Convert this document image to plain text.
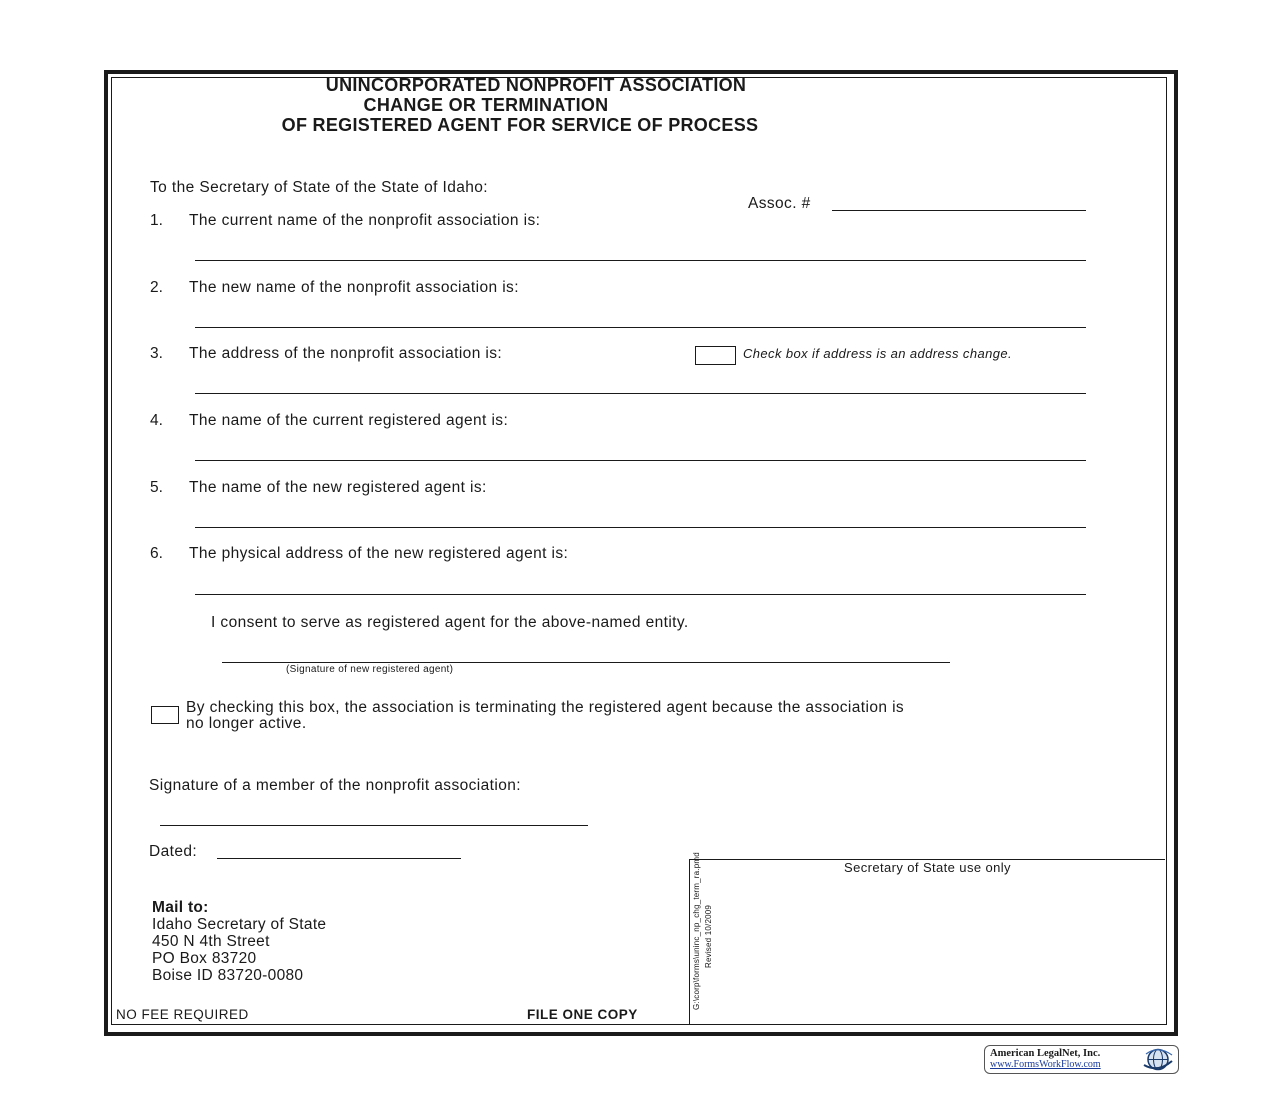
UNINCORPORATED NONPROFIT ASSOCIATION
CHANGE OR TERMINATION
OF REGISTERED AGENT FOR SERVICE OF PROCESS
To the Secretary of State of the State of Idaho:
Assoc. #
1. The current name of the nonprofit association is:
2. The new name of the nonprofit association is:
3. The address of the nonprofit association is:	Check box if address is an address change.
4. The name of the current registered agent is:
5. The name of the new registered agent is:
6. The physical address of the new registered agent is:
I consent to serve as registered agent for the above-named entity.
(Signature of new registered agent)
By checking this box, the association is terminating the registered agent because the association is
no longer active.
Signature of a member of the nonprofit association:
Dated:
Secretary of State use only
G:\corp\forms\uninc_np_chg_term_ra.pmd Revised 10/2009
Mail to:
Idaho Secretary of State
450 N 4th Street
PO Box 83720
Boise ID 83720-0080
NO FEE REQUIRED	FILE ONE COPY
American LegalNet, Inc.
www.FormsWorkFlow.com
